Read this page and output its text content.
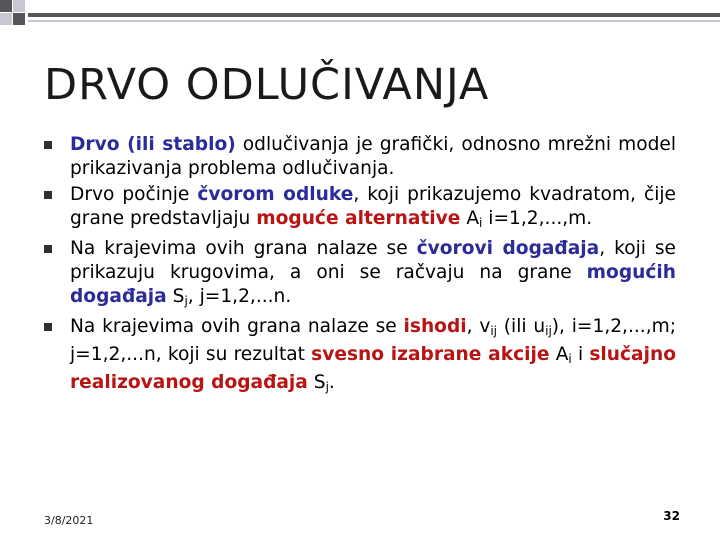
DRVO ODLUČIVANJA
Drvo (ili stablo) odlučivanja je grafički, odnosno mrežni model prikazivanja problema odlučivanja.
Drvo počinje čvorom odluke, koji prikazujemo kvadratom, čije grane predstavljaju moguće alternative $A_i$ i=1,2,...,m.
Na krajevima ovih grana nalaze se čvorovi događaja, koji se prikazuju krugovima, a oni se račvaju na grane mogućih događaja $S_j$, j=1,2,...n.
Na krajevima ovih grana nalaze se ishodi, $v_{ij}$ (ili $u_{ij}$), i=1,2,...,m; j=1,2,...n, koji su rezultat svesno izabrane akcije $A_i$ i slučajno realizovanog događaja $S_j$.
3/8/2021	32
